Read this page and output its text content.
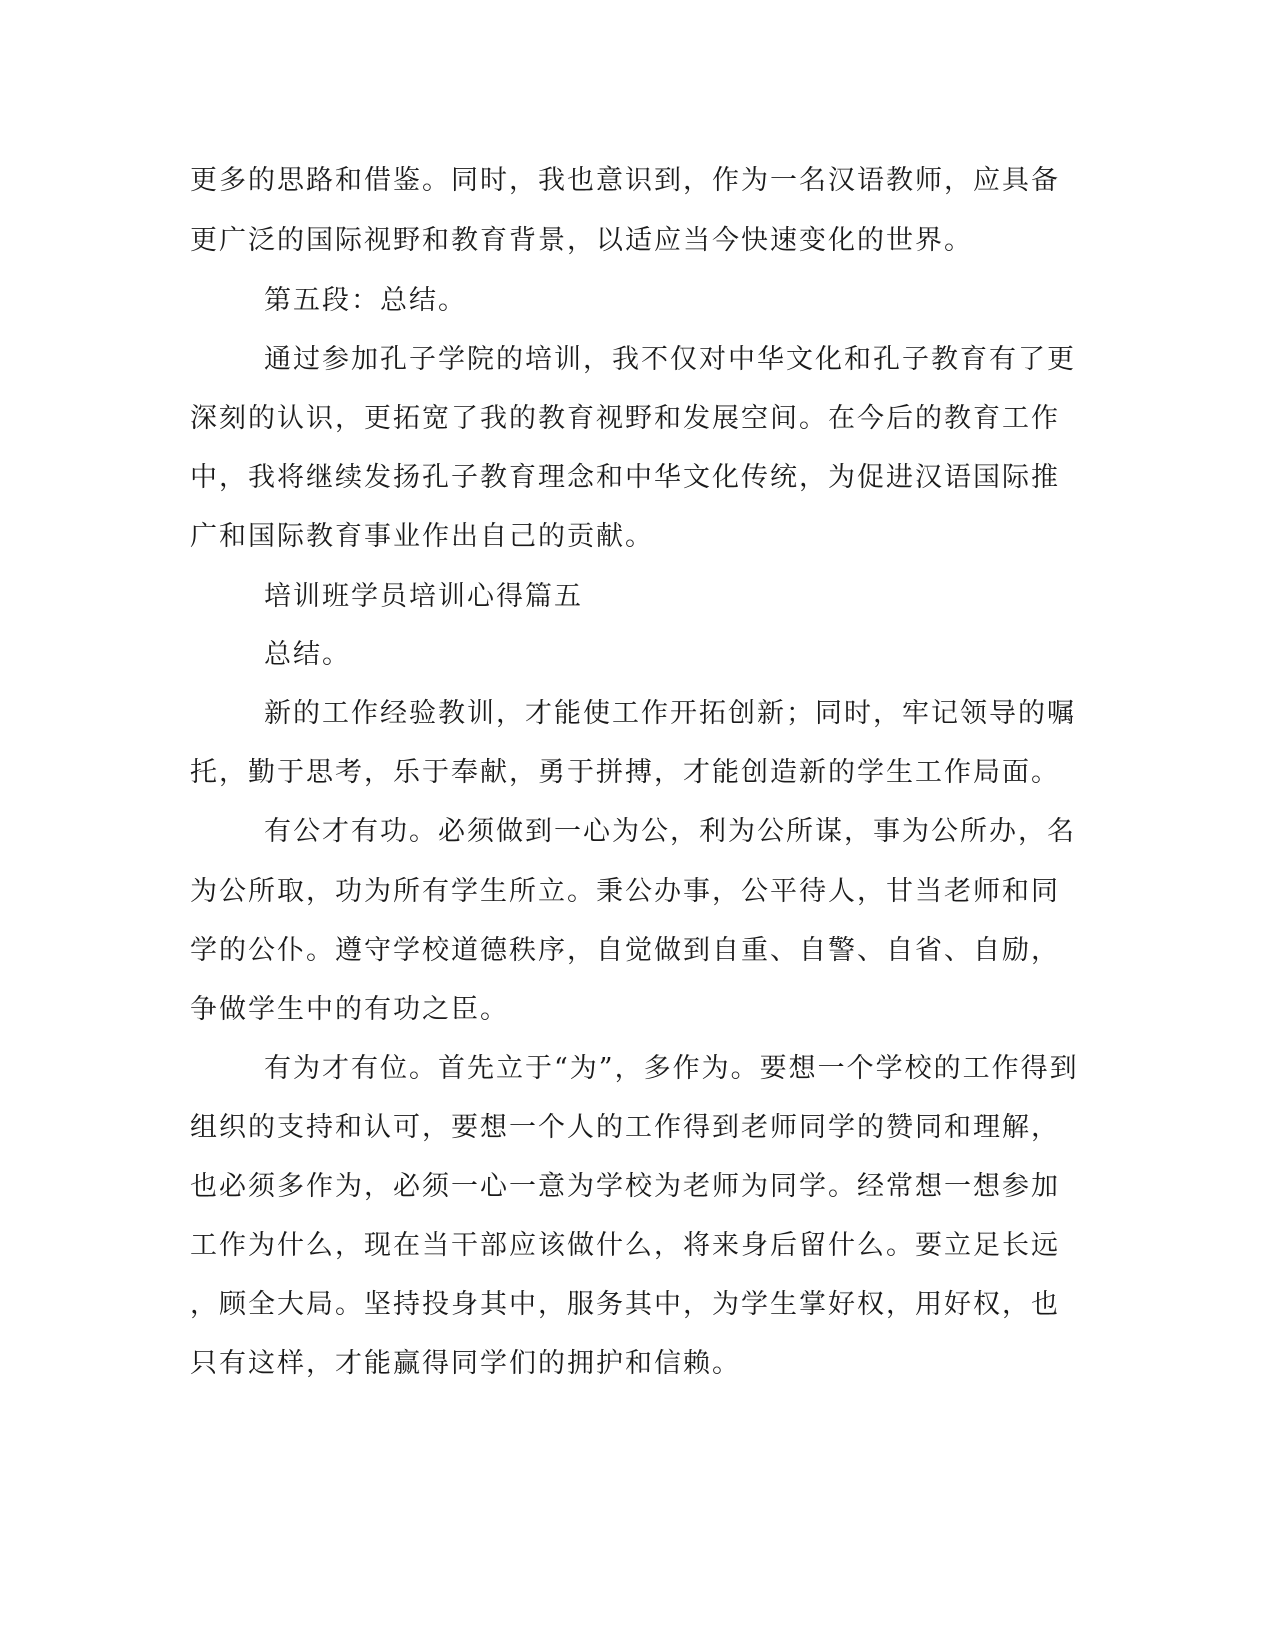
更多的思路和借鉴。同时，我也意识到，作为一名汉语教师，应具备
更广泛的国际视野和教育背景，以适应当今快速变化的世界。
第五段：总结。
通过参加孔子学院的培训，我不仅对中华文化和孔子教育有了更
深刻的认识，更拓宽了我的教育视野和发展空间。在今后的教育工作
中，我将继续发扬孔子教育理念和中华文化传统，为促进汉语国际推
广和国际教育事业作出自己的贡献。
培训班学员培训心得篇五
总结。
新的工作经验教训，才能使工作开拓创新；同时，牢记领导的嘱
托，勤于思考，乐于奉献，勇于拼搏，才能创造新的学生工作局面。
有公才有功。必须做到一心为公，利为公所谋，事为公所办，名
为公所取，功为所有学生所立。秉公办事，公平待人，甘当老师和同
学的公仆。遵守学校道德秩序，自觉做到自重、自警、自省、自励，
争做学生中的有功之臣。
有为才有位。首先立于“为”，多作为。要想一个学校的工作得到
组织的支持和认可，要想一个人的工作得到老师同学的赞同和理解，
也必须多作为，必须一心一意为学校为老师为同学。经常想一想参加
工作为什么，现在当干部应该做什么，将来身后留什么。要立足长远
，顾全大局。坚持投身其中，服务其中，为学生掌好权，用好权，也
只有这样，才能赢得同学们的拥护和信赖。
